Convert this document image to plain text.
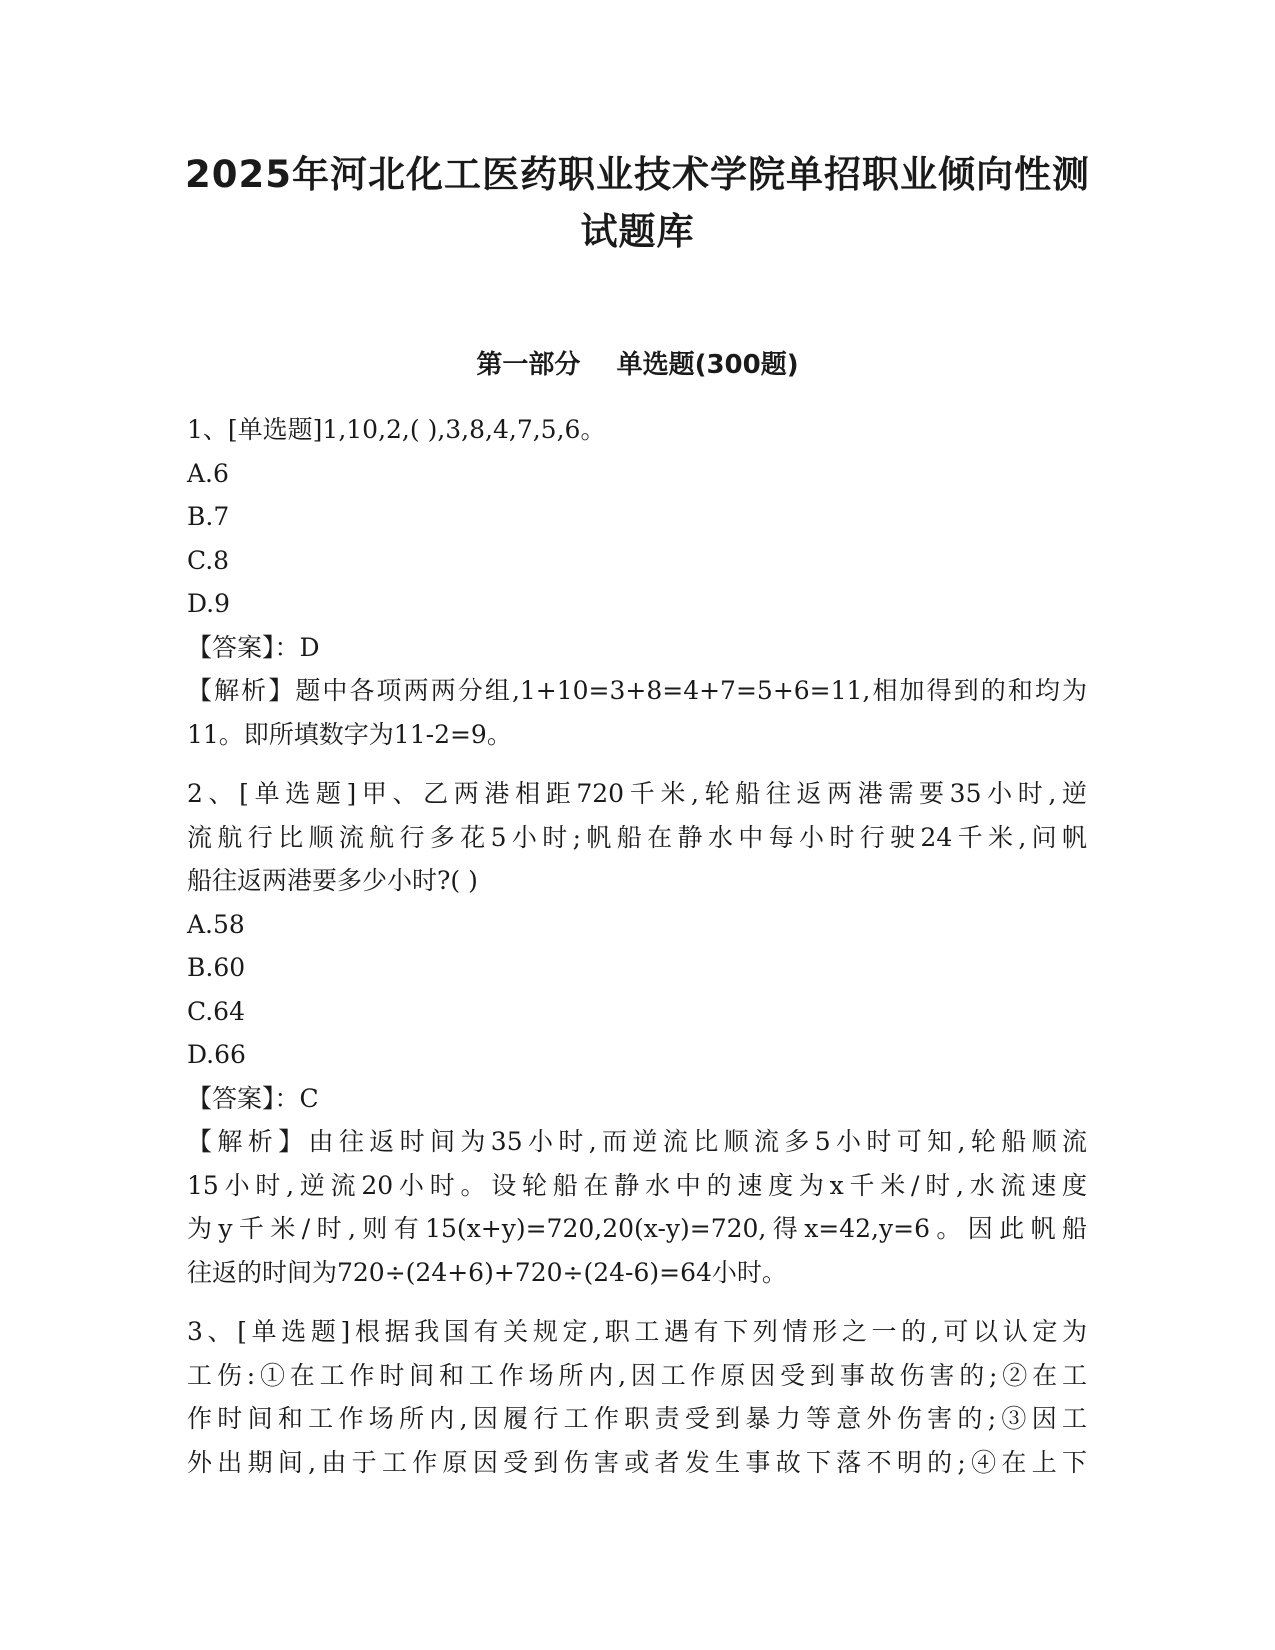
2025年河北化工医药职业技术学院单招职业倾向性测
试题库
第一部分    单选题(300题)

1、[单选题]1,10,2,( ),3,8,4,7,5,6。

A.6

B.7

C.8

D.9

【答案】：D

【解析】题中各项两两分组,1+10=3+8=4+7=5+6=11,相加得到的和均为

11。即所填数字为11-2=9。

2、[单选题]甲、乙两港相距720千米,轮船往返两港需要35小时,逆

流航行比顺流航行多花5小时;帆船在静水中每小时行驶24千米,问帆

船往返两港要多少小时?( )

A.58

B.60

C.64

D.66

【答案】：C

【解析】由往返时间为35小时,而逆流比顺流多5小时可知,轮船顺流

15小时,逆流20小时。设轮船在静水中的速度为x千米/时,水流速度

为y千米/时,则有15(x+y)=720,20(x-y)=720,得x=42,y=6。因此帆船

往返的时间为720÷(24+6)+720÷(24-6)=64小时。

3、[单选题]根据我国有关规定,职工遇有下列情形之一的,可以认定为

工伤:①在工作时间和工作场所内,因工作原因受到事故伤害的;②在工

作时间和工作场所内,因履行工作职责受到暴力等意外伤害的;③因工

外出期间,由于工作原因受到伤害或者发生事故下落不明的;④在上下
